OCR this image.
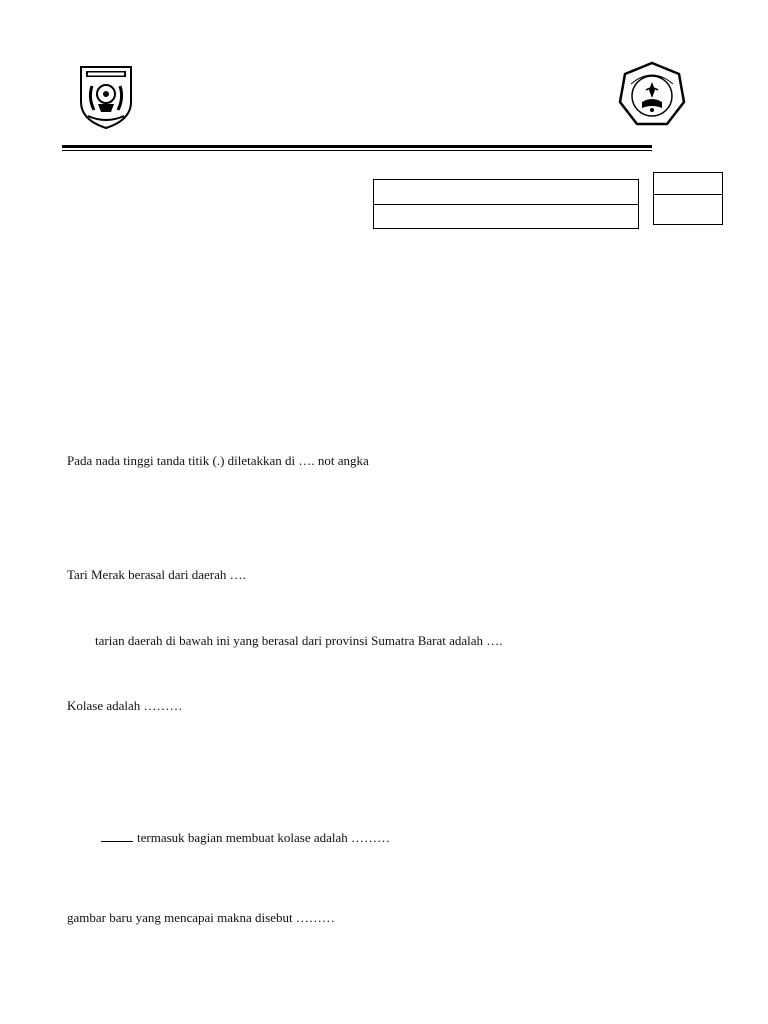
Pada nada tinggi tanda titik (.) diletakkan di …. not angka
Tari Merak berasal dari daerah ….
tarian daerah di bawah ini yang berasal dari provinsi Sumatra Barat adalah ….
Kolase adalah ………
termasuk bagian membuat kolase adalah ………
gambar baru yang mencapai makna disebut ………
